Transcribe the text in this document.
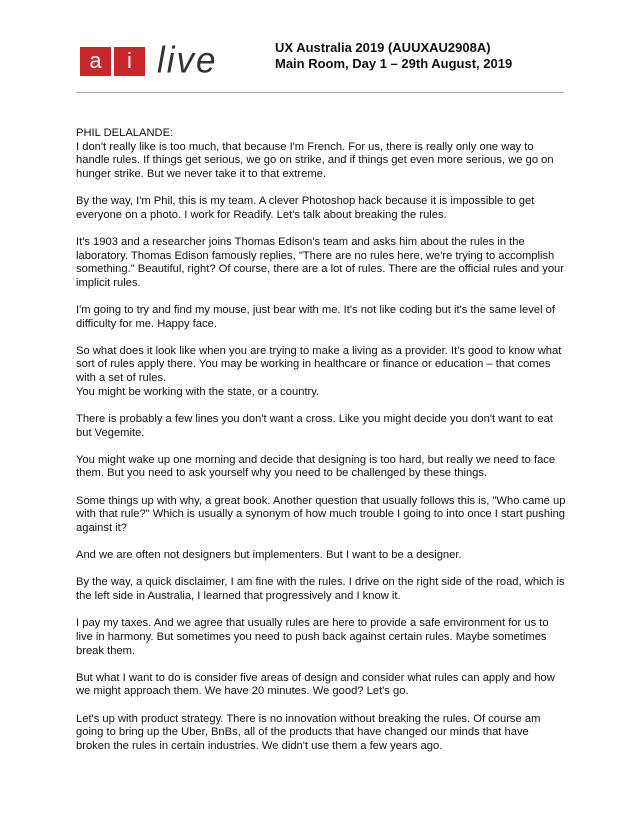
a	i live	UX Australia 2019 (AUUXAU2908A)
Main Room, Day 1 – 29th August, 2019

PHIL DELALANDE:
I don't really like is too much, that because I'm French. For us, there is really only one way to handle rules. If things get serious, we go on strike, and if things get even more serious, we go on hunger strike. But we never take it to that extreme.

By the way, I'm Phil, this is my team. A clever Photoshop hack because it is impossible to get everyone on a photo. I work for Readify. Let's talk about breaking the rules.

It's 1903 and a researcher joins Thomas Edison's team and asks him about the rules in the laboratory. Thomas Edison famously replies, "There are no rules here, we're trying to accomplish something." Beautiful, right? Of course, there are a lot of rules. There are the official rules and your implicit rules.

I'm going to try and find my mouse, just bear with me. It's not like coding but it's the same level of difficulty for me. Happy face.

So what does it look like when you are trying to make a living as a provider. It's good to know what sort of rules apply there. You may be working in healthcare or finance or education – that comes with a set of rules.
You might be working with the state, or a country.

There is probably a few lines you don't want a cross. Like you might decide you don't want to eat but Vegemite.

You might wake up one morning and decide that designing is too hard, but really we need to face them. But you need to ask yourself why you need to be challenged by these things.

Some things up with why, a great book. Another question that usually follows this is, "Who came up with that rule?" Which is usually a synonym of how much trouble I going to into once I start pushing against it?

And we are often not designers but implementers. But I want to be a designer.

By the way, a quick disclaimer, I am fine with the rules. I drive on the right side of the road, which is the left side in Australia, I learned that progressively and I know it.

I pay my taxes. And we agree that usually rules are here to provide a safe environment for us to live in harmony. But sometimes you need to push back against certain rules. Maybe sometimes break them.

But what I want to do is consider five areas of design and consider what rules can apply and how we might approach them. We have 20 minutes. We good? Let's go.

Let's up with product strategy. There is no innovation without breaking the rules. Of course am going to bring up the Uber, BnBs, all of the products that have changed our minds that have broken the rules in certain industries. We didn't use them a few years ago.
